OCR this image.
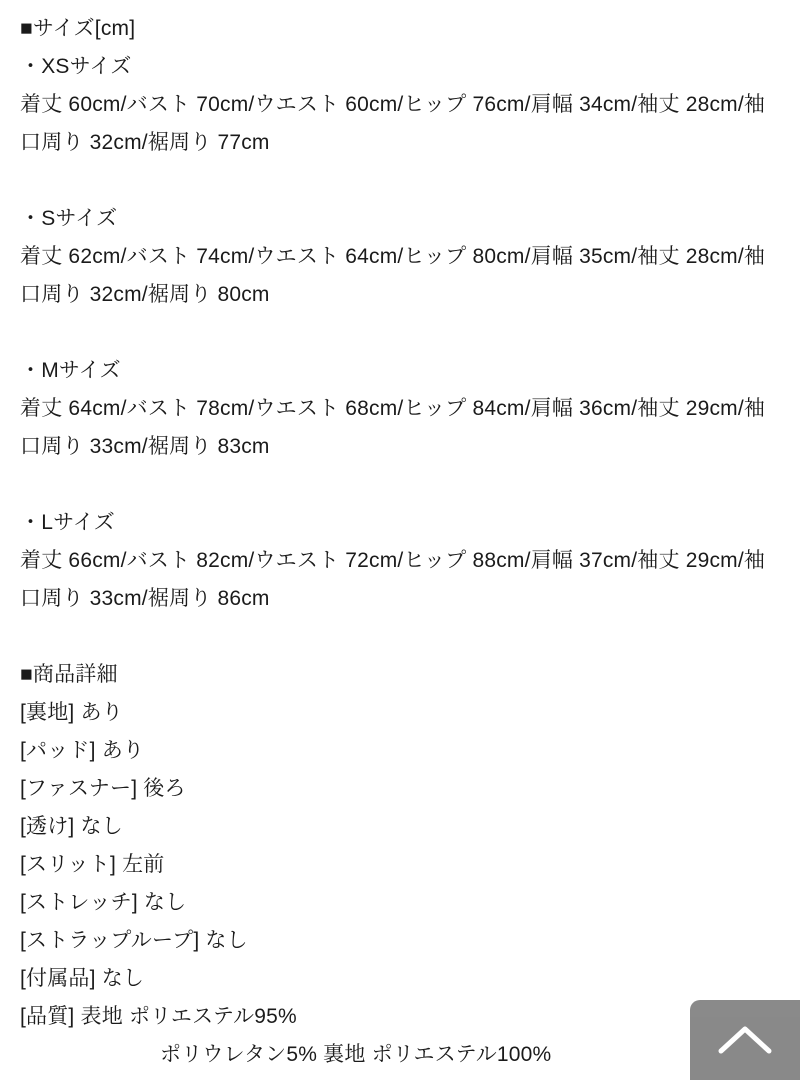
■サイズ[cm]
・XSサイズ
着丈 60cm/バスト 70cm/ウエスト 60cm/ヒップ 76cm/肩幅 34cm/袖丈 28cm/袖口周り 32cm/裾周り 77cm
・Sサイズ
着丈 62cm/バスト 74cm/ウエスト 64cm/ヒップ 80cm/肩幅 35cm/袖丈 28cm/袖口周り 32cm/裾周り 80cm
・Mサイズ
着丈 64cm/バスト 78cm/ウエスト 68cm/ヒップ 84cm/肩幅 36cm/袖丈 29cm/袖口周り 33cm/裾周り 83cm
・Lサイズ
着丈 66cm/バスト 82cm/ウエスト 72cm/ヒップ 88cm/肩幅 37cm/袖丈 29cm/袖口周り 33cm/裾周り 86cm
■商品詳細
[裏地] あり
[パッド] あり
[ファスナー] 後ろ
[透け] なし
[スリット] 左前
[ストレッチ] なし
[ストラップループ] なし
[付属品] なし
[品質] 表地 ポリエステル95%
ポリウレタン5% 裏地 ポリエステル100%
